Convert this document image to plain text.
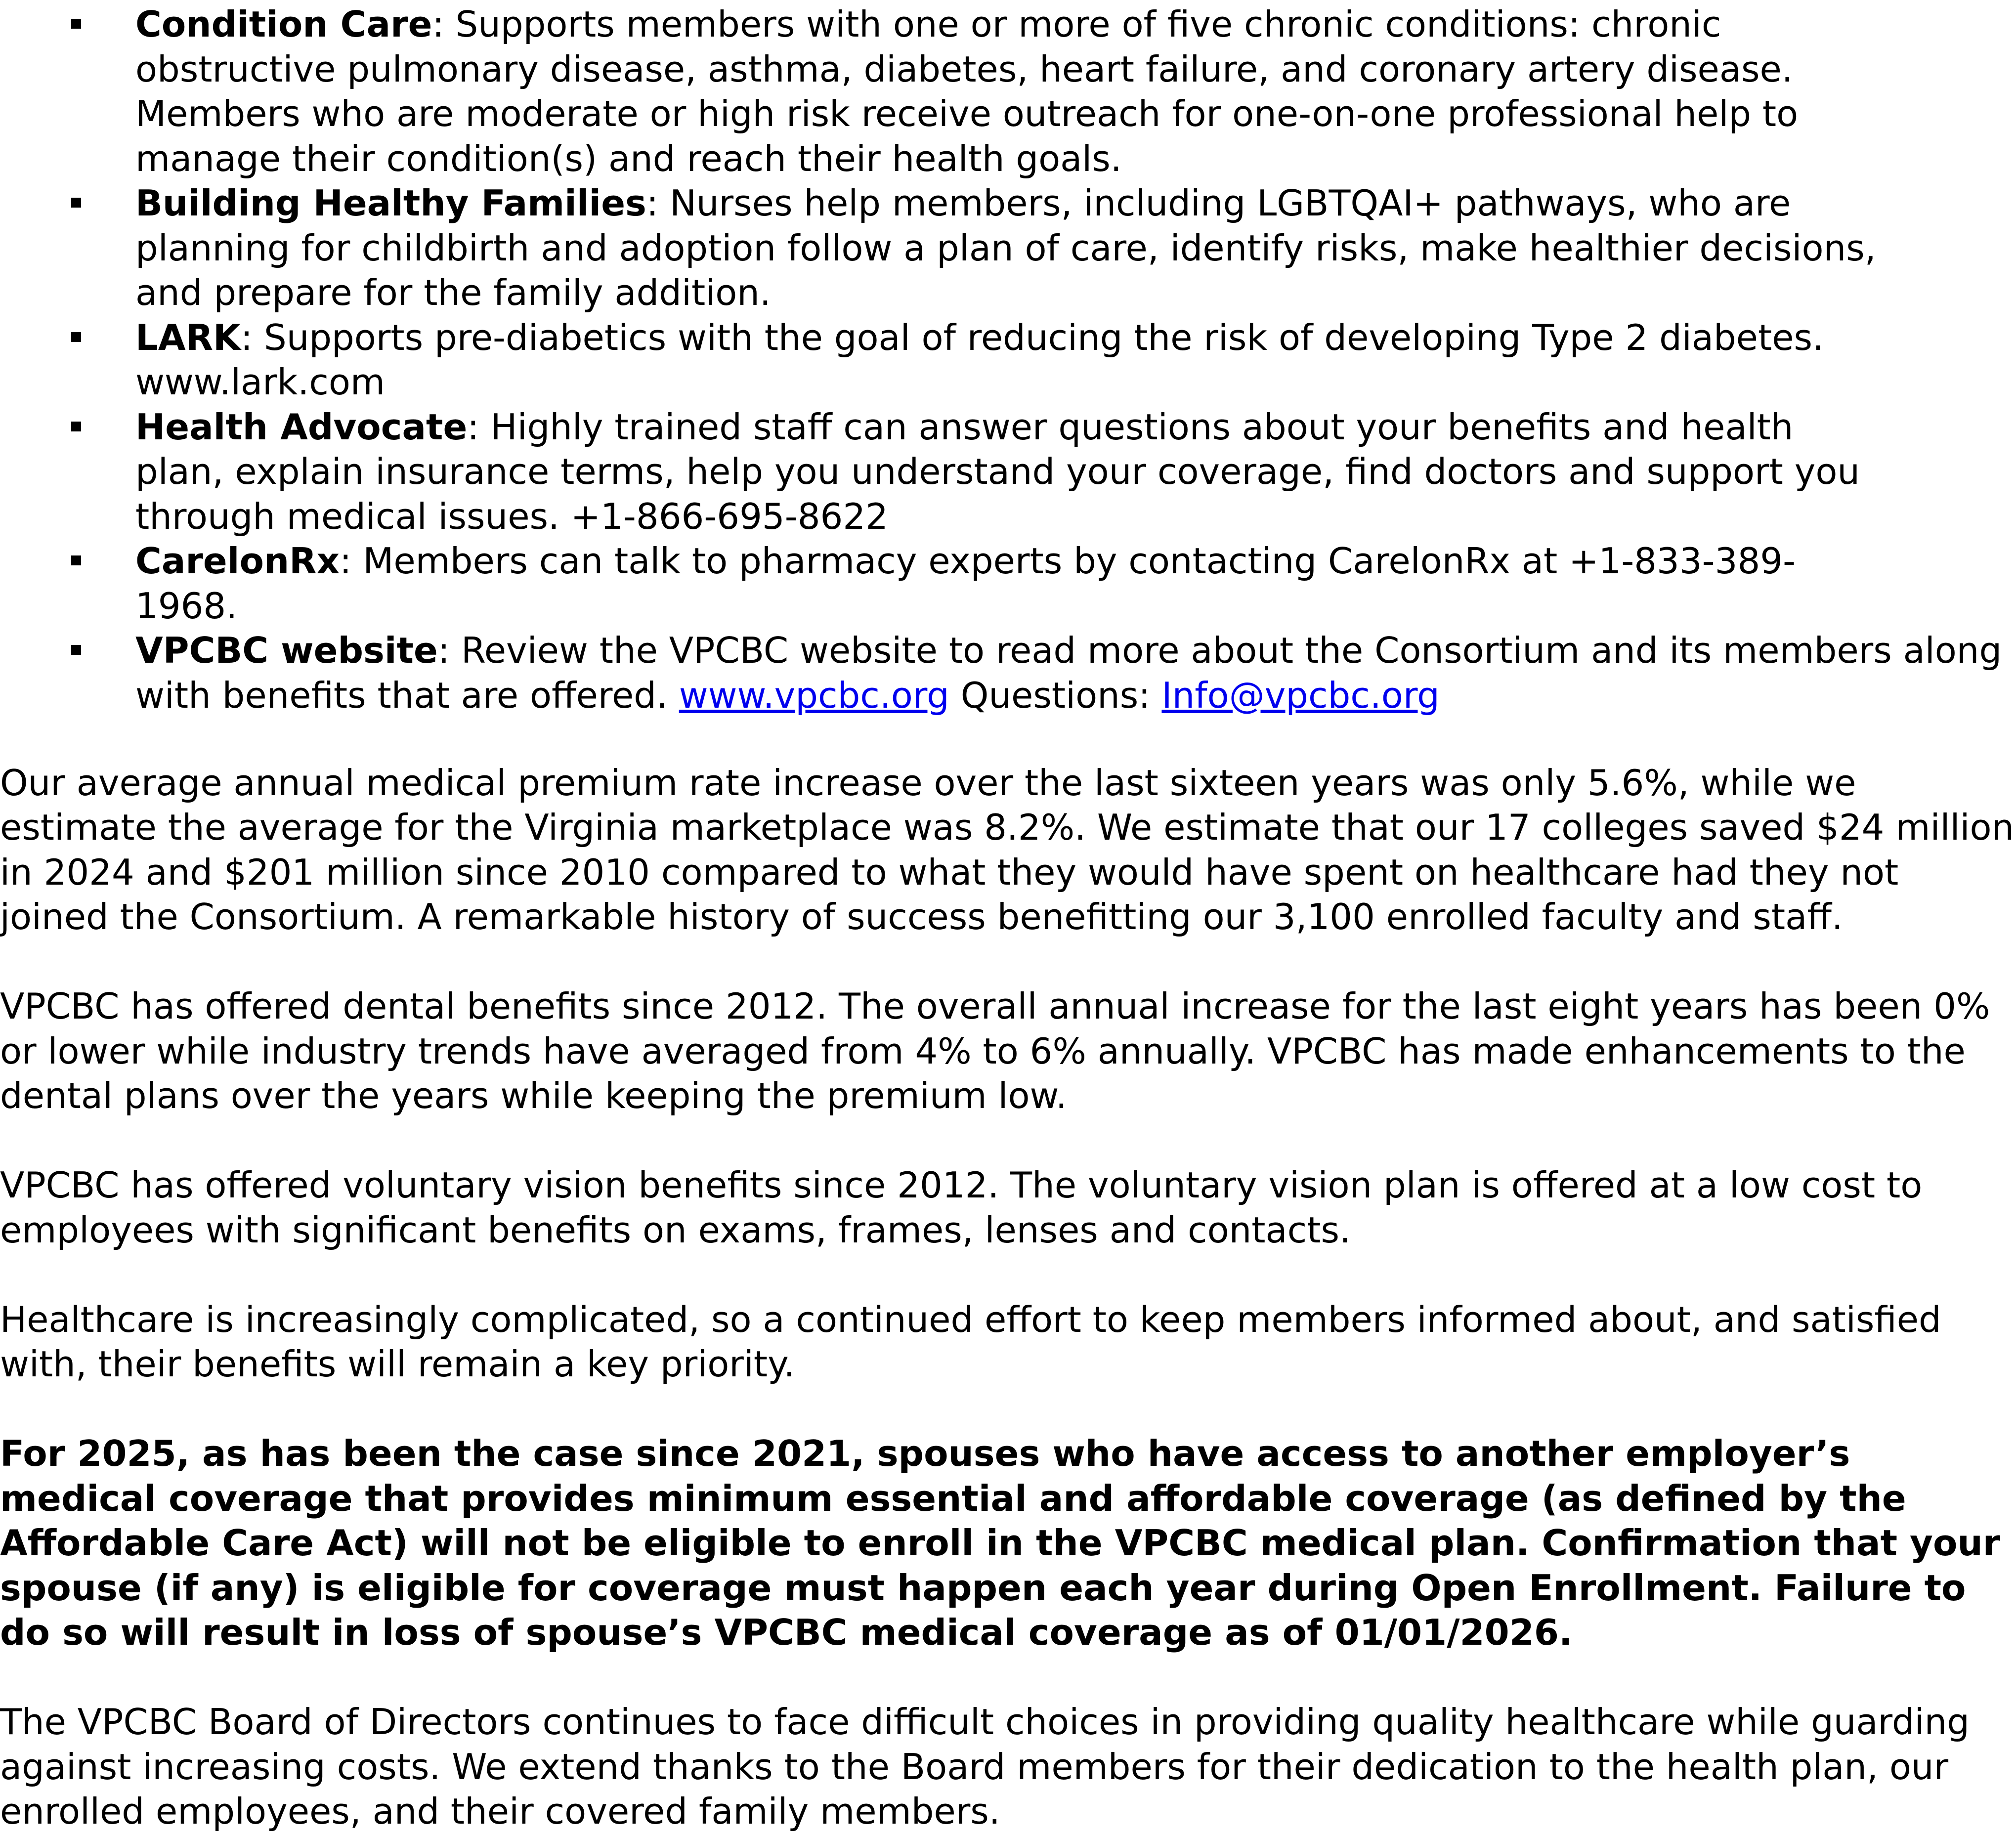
Condition Care: Supports members with one or more of five chronic conditions: chronic obstructive pulmonary disease, asthma, diabetes, heart failure, and coronary artery disease. Members who are moderate or high risk receive outreach for one-on-one professional help to manage their condition(s) and reach their health goals.
Building Healthy Families: Nurses help members, including LGBTQAI+ pathways, who are planning for childbirth and adoption follow a plan of care, identify risks, make healthier decisions, and prepare for the family addition.
LARK: Supports pre-diabetics with the goal of reducing the risk of developing Type 2 diabetes. www.lark.com
Health Advocate: Highly trained staff can answer questions about your benefits and health plan, explain insurance terms, help you understand your coverage, find doctors and support you through medical issues. +1-866-695-8622
CarelonRx: Members can talk to pharmacy experts by contacting CarelonRx at +1-833-389-1968.
VPCBC website: Review the VPCBC website to read more about the Consortium and its members along with benefits that are offered. www.vpcbc.org Questions: Info@vpcbc.org

Our average annual medical premium rate increase over the last sixteen years was only 5.6%, while we estimate the average for the Virginia marketplace was 8.2%. We estimate that our 17 colleges saved $24 million in 2024 and $201 million since 2010 compared to what they would have spent on healthcare had they not joined the Consortium. A remarkable history of success benefitting our 3,100 enrolled faculty and staff.

VPCBC has offered dental benefits since 2012. The overall annual increase for the last eight years has been 0% or lower while industry trends have averaged from 4% to 6% annually. VPCBC has made enhancements to the dental plans over the years while keeping the premium low.

VPCBC has offered voluntary vision benefits since 2012. The voluntary vision plan is offered at a low cost to employees with significant benefits on exams, frames, lenses and contacts.

Healthcare is increasingly complicated, so a continued effort to keep members informed about, and satisfied with, their benefits will remain a key priority.

For 2025, as has been the case since 2021, spouses who have access to another employer’s medical coverage that provides minimum essential and affordable coverage (as defined by the Affordable Care Act) will not be eligible to enroll in the VPCBC medical plan. Confirmation that your spouse (if any) is eligible for coverage must happen each year during Open Enrollment. Failure to do so will result in loss of spouse’s VPCBC medical coverage as of 01/01/2026.

The VPCBC Board of Directors continues to face difficult choices in providing quality healthcare while guarding against increasing costs. We extend thanks to the Board members for their dedication to the health plan, our enrolled employees, and their covered family members.
